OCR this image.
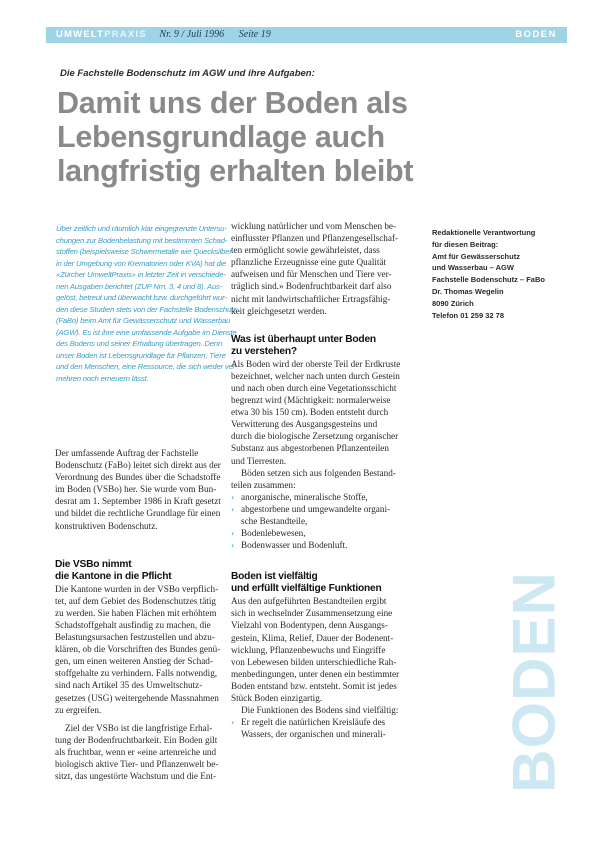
UMWELTPRAXIS Nr. 9 / Juli 1996 Seite 19	BODEN
Die Fachstelle Bodenschutz im AGW und ihre Aufgaben:
Damit uns der Boden als
Lebensgrundlage auch
langfristig erhalten bleibt
Über zeitlich und räumlich klar eingegrenzte Untersu-
chungen zur Bodenbelastung mit bestimmten Schad-
stoffen (beispielsweise Schwermetalle wie Quecksilber
in der Umgebung von Krematorien oder KVA) hat die
«Zürcher UmweltPraxis» in letzter Zeit in verschiede-
nen Ausgaben berichtet (ZUP Nrn. 3, 4 und 8). Aus-
gelöst, betreut und überwacht bzw. durchgeführt wur-
den diese Studien stets von der Fachstelle Bodenschutz
(FaBo) beim Amt für Gewässerschutz und Wasserbau
(AGW). Es ist ihre eine umfassende Aufgabe im Dienste
des Bodens und seiner Erhaltung übertragen. Denn
unser Boden ist Lebensgrundlage für Pflanzen, Tiere
und den Menschen, eine Ressource, die sich weder ver-
mehren noch erneuern lässt.
Der umfassende Auftrag der Fachstelle
Bodenschutz (FaBo) leitet sich direkt aus der
Verordnung des Bundes über die Schadstoffe
im Boden (VSBo) her. Sie wurde vom Bun-
desrat am 1. September 1986 in Kraft gesetzt
und bildet die rechtliche Grundlage für einen
konstruktiven Bodenschutz.
Die VSBo nimmt
die Kantone in die Pflicht
Die Kantone wurden in der VSBo verpflich-
tet, auf dem Gebiet des Bodenschutzes tätig
zu werden. Sie haben Flächen mit erhöhtem
Schadstoffgehalt ausfindig zu machen, die
Belastungsursachen festzustellen und abzu-
klären, ob die Vorschriften des Bundes genü-
gen, um einen weiteren Anstieg der Schad-
stoffgehalte zu verhindern. Falls notwendig,
sind nach Artikel 35 des Umweltschutz-
gesetzes (USG) weitergehende Massnahmen
zu ergreifen.
Ziel der VSBo ist die langfristige Erhal-
tung der Bodenfruchtbarkeit. Ein Boden gilt
als fruchtbar, wenn er «eine artenreiche und
biologisch aktive Tier- und Pflanzenwelt be-
sitzt, das ungestörte Wachstum und die Ent-
wicklung natürlicher und vom Menschen be-
einflusster Pflanzen und Pflanzengesellschaf-
ten ermöglicht sowie gewährleistet, dass
pflanzliche Erzeugnisse eine gute Qualität
aufweisen und für Menschen und Tiere ver-
träglich sind.» Bodenfruchtbarkeit darf also
nicht mit landwirtschaftlicher Ertragsfähig-
keit gleichgesetzt werden.
Was ist überhaupt unter Boden
zu verstehen?
Als Boden wird der oberste Teil der Erdkruste
bezeichnet, welcher nach unten durch Gestein
und nach oben durch eine Vegetationsschicht
begrenzt wird (Mächtigkeit: normalerweise
etwa 30 bis 150 cm). Boden entsteht durch
Verwitterung des Ausgangsgesteins und
durch die biologische Zersetzung organischer
Substanz aus abgestorbenen Pflanzenteilen
und Tierresten.
Böden setzen sich aus folgenden Bestand-
teilen zusammen:
› anorganische, mineralische Stoffe,
› abgestorbene und umgewandelte organi-
sche Bestandteile,
› Bodenlebewesen,
› Bodenwasser und Bodenluft.
Boden ist vielfältig
und erfüllt vielfältige Funktionen
Aus den aufgeführten Bestandteilen ergibt
sich in wechselnder Zusammensetzung eine
Vielzahl von Bodentypen, denn Ausgangs-
gestein, Klima, Relief, Dauer der Bodenent-
wicklung, Pflanzenbewuchs und Eingriffe
von Lebewesen bilden unterschiedliche Rah-
menbedingungen, unter denen ein bestimmter
Boden entstand bzw. entsteht. Somit ist jedes
Stück Boden einzigartig.
Die Funktionen des Bodens sind vielfältig:
› Er regelt die natürlichen Kreisläufe des
Wassers, der organischen und minerali-
Redaktionelle Verantwortung
für diesen Beitrag:
Amt für Gewässerschutz
und Wasserbau – AGW
Fachstelle Bodenschutz – FaBo
Dr. Thomas Wegelin
8090 Zürich
Telefon 01 259 32 78
BODEN
